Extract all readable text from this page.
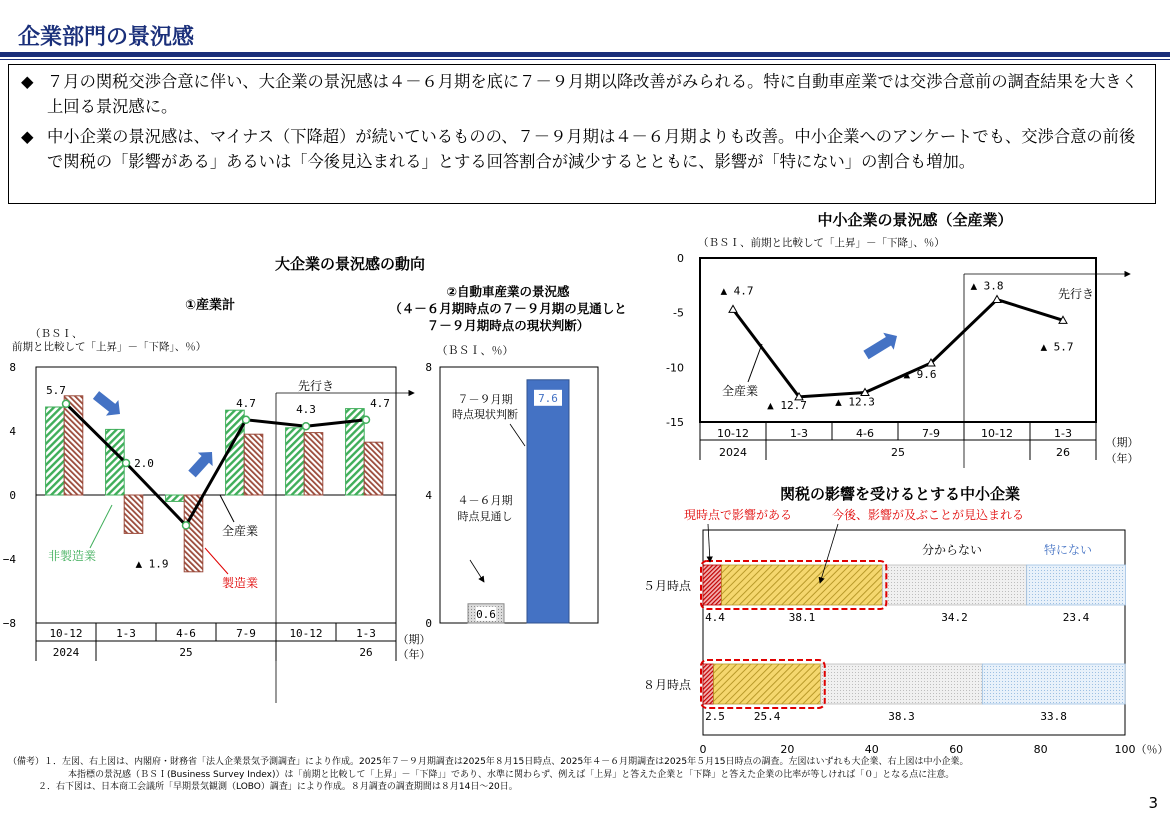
企業部門の景況感
◆ ７月の関税交渉合意に伴い、大企業の景況感は４－６月期を底に７－９月期以降改善がみられる。特に自動車産業では交渉合意前の調査結果を大きく上回る景況感に。
◆ 中小企業の景況感は、マイナス（下降超）が続いているものの、７－９月期は４－６月期よりも改善。中小企業へのアンケートでも、交渉合意の前後で関税の「影響がある」あるいは「今後見込まれる」とする回答割合が減少するとともに、影響が「特にない」の割合も増加。
大企業の景況感の動向
①産業計
（ＢＳＩ、
前期と比較して「上昇」－「下降」、％）
②自動車産業の景況感
（４－６月期時点の７－９月期の見通しと
７－９月期時点の現状判断）
（ＢＳＩ、％）
8
4
0
−4
−8
10-12	1-3	4-6	7-9	10-12	1-3
2024	25	26
（期）
（年）
先行き
5.7
2.0
▲ 1.9
4.7	4.3	4.7
非製造業
製造業
全産業
8
4
0
0.6
7.6
７－９月期
時点現状判断
４－６月期
時点見通し
中小企業の景況感（全産業）
（ＢＳＩ、前期と比較して「上昇」－「下降」、％）
0
-5
-10
-15
10-12	1-3	4-6	7-9	10-12	1-3
2024	25	26
（期）
（年）
先行き
▲ 4.7
▲ 12.7	▲ 12.3
▲ 9.6
▲ 3.8
▲ 5.7
全産業
関税の影響を受けるとする中小企業
0	20	40	60	80	100 （％）
５月時点
4.4	38.1	34.2	23.4
８月時点
2.5	25.4	38.3	33.8
現時点で影響がある	今後、影響が及ぶことが見込まれる
分からない	特にない
（備考）１．左図、右上図は、内閣府・財務省「法人企業景気予測調査」により作成。2025年７－９月期調査は2025年８月15日時点、2025年４－６月期調査は2025年５月15日時点の調査。左図はいずれも大企業、右上図は中小企業。
本指標の景況感（ＢＳＩ(Business Survey Index)）は「前期と比較して「上昇」－「下降」」であり、水準に関わらず、例えば「上昇」と答えた企業と「下降」と答えた企業の比率が等しければ「０」となる点に注意。
２．右下図は、日本商工会議所「早期景気観測（LOBO）調査」により作成。８月調査の調査期間は８月14日～20日。
3
